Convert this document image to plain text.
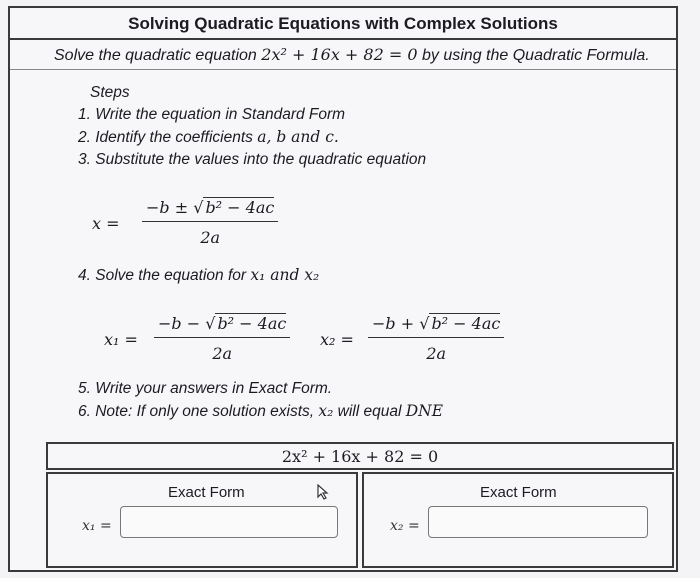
Solving Quadratic Equations with Complex Solutions
Solve the quadratic equation 2x² + 16x + 82 = 0 by using the Quadratic Formula.
Steps
1. Write the equation in Standard Form
2. Identify the coefficients a, b and c.
3. Substitute the values into the quadratic equation
$x = \frac{\text{−b ± √ b² − 4ac}}{2a}$
4. Solve the equation for x₁ and x₂
$x_1 = \frac{\text{−b − √ b² − 4ac}}{2a} x_2 = \frac{\text{−b + √ b² − 4ac}}{2a}$
5. Write your answers in Exact Form.
6. Note: If only one solution exists, x₂ will equal DNE
2x² + 16x + 82 = 0
Exact Form
x₁ =
Exact Form
x₂ =
